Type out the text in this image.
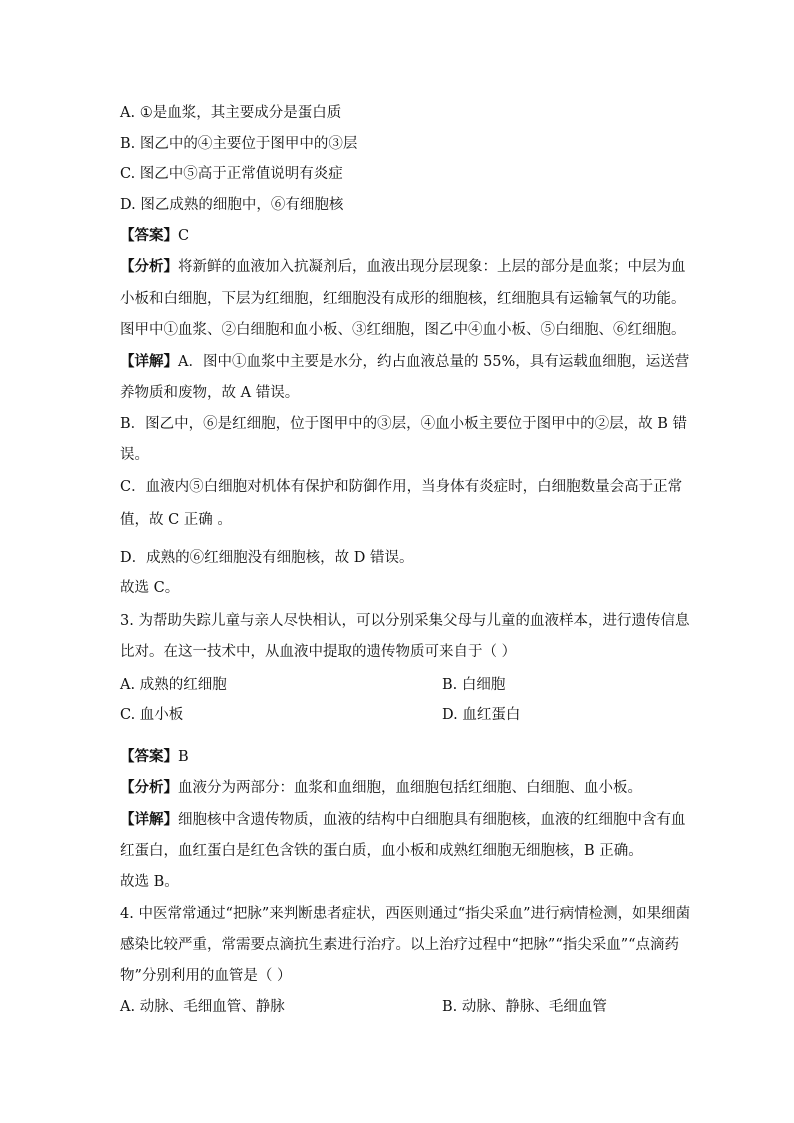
A. ①是血浆，其主要成分是蛋白质
B. 图乙中的④主要位于图甲中的③层
C. 图乙中⑤高于正常值说明有炎症
D. 图乙成熟的细胞中，⑥有细胞核
【答案】C
【分析】将新鲜的血液加入抗凝剂后，血液出现分层现象：上层的部分是血浆；中层为血
小板和白细胞，下层为红细胞，红细胞没有成形的细胞核，红细胞具有运输氧气的功能。
图甲中①血浆、②白细胞和血小板、③红细胞，图乙中④血小板、⑤白细胞、⑥红细胞。
【详解】A．图中①血浆中主要是水分，约占血液总量的 55%，具有运载血细胞，运送营
养物质和废物，故 A 错误。
B．图乙中，⑥是红细胞，位于图甲中的③层，④血小板主要位于图甲中的②层，故 B 错
误。
C．血液内⑤白细胞对机体有保护和防御作用，当身体有炎症时，白细胞数量会高于正常
值，故 C 正确 。
D．成熟的⑥红细胞没有细胞核，故 D 错误。
故选 C。
3. 为帮助失踪儿童与亲人尽快相认，可以分别采集父母与儿童的血液样本，进行遗传信息
比对。在这一技术中，从血液中提取的遗传物质可来自于（ ）
A. 成熟的红细胞	B. 白细胞
C. 血小板	D. 血红蛋白
【答案】B
【分析】血液分为两部分：血浆和血细胞，血细胞包括红细胞、白细胞、血小板。
【详解】细胞核中含遗传物质，血液的结构中白细胞具有细胞核，血液的红细胞中含有血
红蛋白，血红蛋白是红色含铁的蛋白质，血小板和成熟红细胞无细胞核，B 正确。
故选 B。
4. 中医常常通过“把脉”来判断患者症状，西医则通过“指尖采血”进行病情检测，如果细菌
感染比较严重，常需要点滴抗生素进行治疗。以上治疗过程中“把脉”“指尖采血”“点滴药
物”分别利用的血管是（ ）
A. 动脉、毛细血管、静脉	B. 动脉、静脉、毛细血管
